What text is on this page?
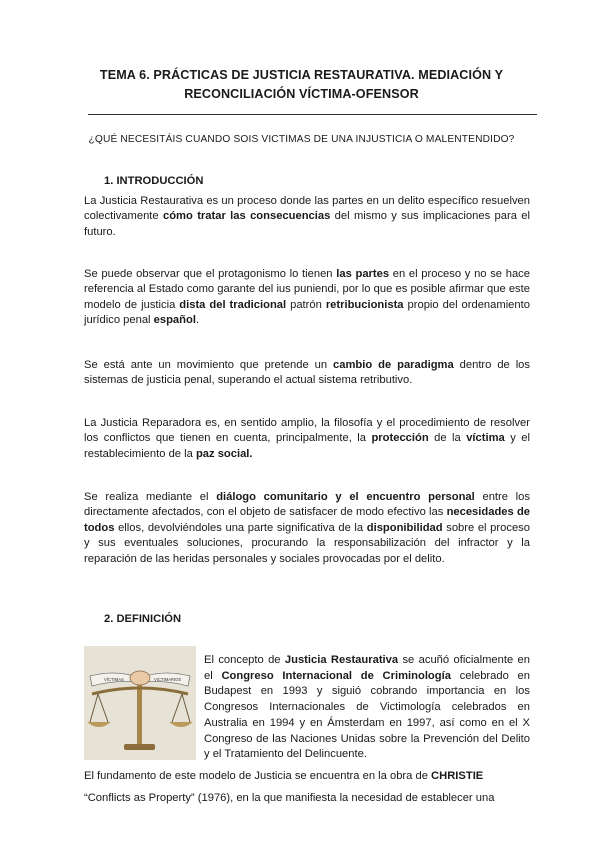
TEMA 6. PRÁCTICAS DE JUSTICIA RESTAURATIVA. MEDIACIÓN Y
RECONCILIACIÓN VÍCTIMA-OFENSOR
¿QUÉ NECESITÁIS CUANDO SOIS VICTIMAS DE UNA INJUSTICIA O MALENTENDIDO?
1. INTRODUCCIÓN

La Justicia Restaurativa es un proceso donde las partes en un delito específico resuelven colectivamente cómo tratar las consecuencias del mismo y sus implicaciones para el futuro.

Se puede observar que el protagonismo lo tienen las partes en el proceso y no se hace referencia al Estado como garante del ius puniendi, por lo que es posible afirmar que este modelo de justicia dista del tradicional patrón retribucionista propio del ordenamiento jurídico penal español.

Se está ante un movimiento que pretende un cambio de paradigma dentro de los sistemas de justicia penal, superando el actual sistema retributivo.

La Justicia Reparadora es, en sentido amplio, la filosofía y el procedimiento de resolver los conflictos que tienen en cuenta, principalmente, la protección de la víctima y el restablecimiento de la paz social.

Se realiza mediante el diálogo comunitario y el encuentro personal entre los directamente afectados, con el objeto de satisfacer de modo efectivo las necesidades de todos ellos, devolviéndoles una parte significativa de la disponibilidad sobre el proceso y sus eventuales soluciones, procurando la responsabilización del infractor y la reparación de las heridas personales y sociales provocadas por el delito.

2. DEFINICIÓN
VÍCTIMAS	VICTIMARIOS

El concepto de Justicia Restaurativa se acuñó oficialmente en el Congreso Internacional de Criminología celebrado en Budapest en 1993 y siguió cobrando importancia en los Congresos Internacionales de Victimología celebrados en Australia en 1994 y en Ámsterdam en 1997, así como en el X Congreso de las Naciones Unidas sobre la Prevención del Delito y el Tratamiento del Delincuente.

El fundamento de este modelo de Justicia se encuentra en la obra de CHRISTIE

“Conflicts as Property” (1976), en la que manifiesta la necesidad de establecer una
